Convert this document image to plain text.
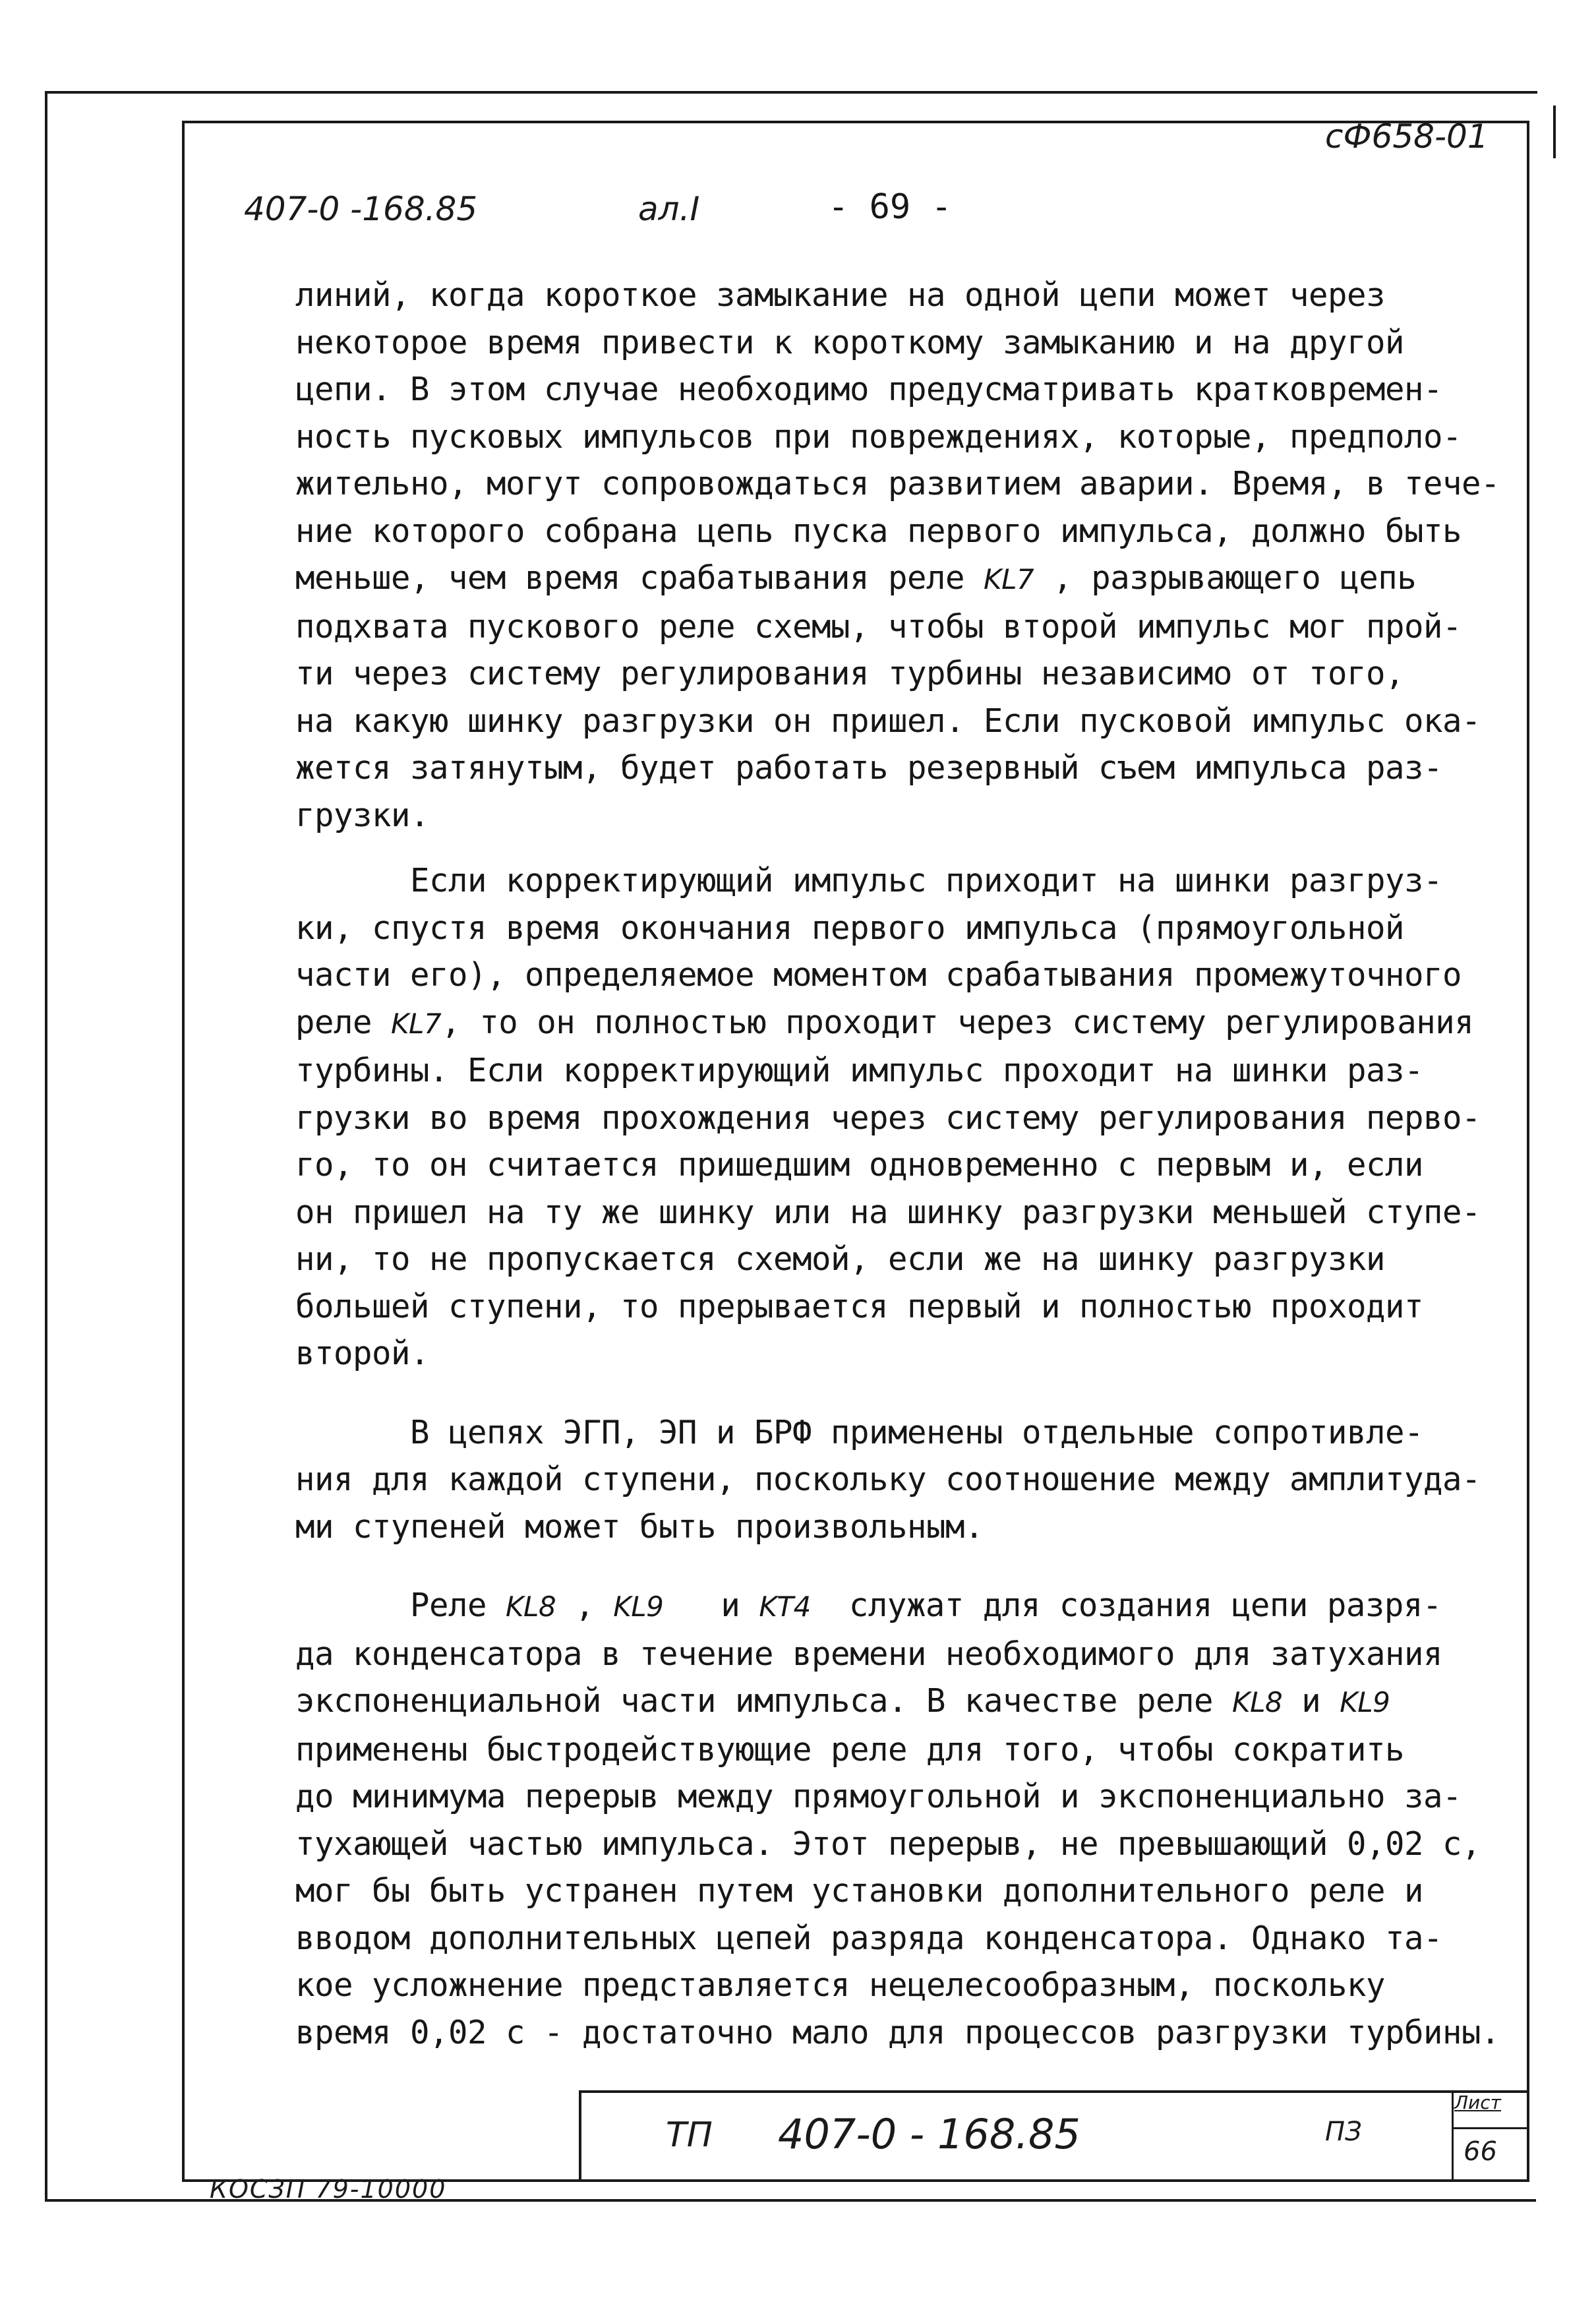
сФ658-01
407-0 -168.85	ал.I	- 69 -
линий, когда короткое замыкание на одной цепи может через
некоторое время привести к короткому замыканию и на другой
цепи. В этом случае необходимо предусматривать кратковремен-
ность пусковых импульсов при повреждениях, которые, предполо-
жительно, могут сопровождаться развитием аварии. Время, в тече-
ние которого собрана цепь пуска первого импульса, должно быть
меньше, чем время срабатывания реле KL7 , разрывающего цепь
подхвата пускового реле схемы, чтобы второй импульс мог прой-
ти через систему регулирования турбины независимо от того,
на какую шинку разгрузки он пришел. Если пусковой импульс ока-
жется затянутым, будет работать резервный съем импульса раз-
грузки.
Если корректирующий импульс приходит на шинки разгруз-
ки, спустя время окончания первого импульса (прямоугольной
части его), определяемое моментом срабатывания промежуточного
реле KL7, то он полностью проходит через систему регулирования
турбины. Если корректирующий импульс проходит на шинки раз-
грузки во время прохождения через систему регулирования перво-
го, то он считается пришедшим одновременно с первым и, если
он пришел на ту же шинку или на шинку разгрузки меньшей ступе-
ни, то не пропускается схемой, если же на шинку разгрузки
большей ступени, то прерывается первый и полностью проходит
второй.
В цепях ЭГП, ЭП и БРФ применены отдельные сопротивле-
ния для каждой ступени, поскольку соотношение между амплитуда-
ми ступеней может быть произвольным.
Реле KL8 , KL9   и KT4  служат для создания цепи разря-
да конденсатора в течение времени необходимого для затухания
экспоненциальной части импульса. В качестве реле KL8 и KL9
применены быстродействующие реле для того, чтобы сократить
до минимума перерыв между прямоугольной и экспоненциально за-
тухающей частью импульса. Этот перерыв, не превышающий 0,02 с,
мог бы быть устранен путем установки дополнительного реле и
вводом дополнительных цепей разряда конденсатора. Однако та-
кое усложнение представляется нецелесообразным, поскольку
время 0,02 с - достаточно мало для процессов разгрузки турбины.
ТП 407-0 - 168.85	ПЗ
Лист
66
КОСЗП 79-10000
